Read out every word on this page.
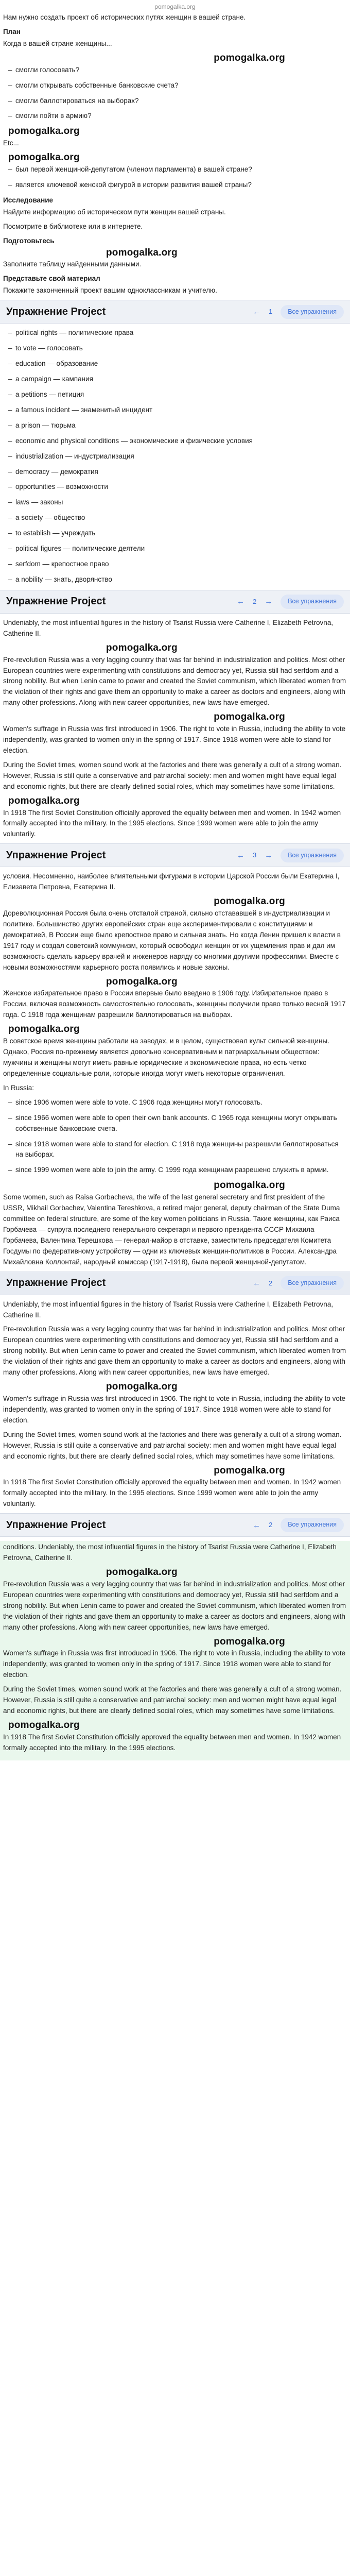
pomogalka.org

Нам нужно создать проект об исторических путях женщин в вашей стране.

План

Когда в вашей стране женщины...

pomogalka.org
– смогли голосовать?
– смогли открывать собственные банковские счета?
– смогли баллотироваться на выборах?
– смогли пойти в армию?
pomogalka.org

Etc...

pomogalka.org
– был первой женщиной-депутатом (членом парламента) в вашей стране?
– является ключевой женской фигурой в истории развития вашей страны?

Исследование

Найдите информацию об историческом пути женщин вашей страны.

Посмотрите в библиотеке или в интернете.

Подготовьтесь

pomogalka.org

Заполните таблицу найденными данными.

Представьте свой материал

Покажите законченный проект вашим одноклассникам и учителю.

Упражнение Project	← 1	Все упражнения
– political rights — политические права
– to vote — голосовать
– education — образование
– a campaign — кампания
– a petitions — петиция
– a famous incident — знаменитый инцидент
– a prison — тюрьма
– economic and physical conditions — экономические и физические условия
– industrialization — индустриализация
– democracy — демократия
– opportunities — возможности
– laws — законы
– a society — общество
– to establish — учреждать
– political figures — политические деятели
– serfdom — крепостное право
– a nobility — знать, дворянство
Упражнение Project	← 2 →	Все упражнения

Undeniably, the most influential figures in the history of Tsarist Russia were Catherine I, Elizabeth Petrovna, Catherine II.

pomogalka.org

Pre-revolution Russia was a very lagging country that was far behind in industrialization and politics. Most other European countries were experimenting with constitutions and democracy yet, Russia still had serfdom and a strong nobility. But when Lenin came to power and created the Soviet communism, which liberated women from the violation of their rights and gave them an opportunity to make a career as doctors and engineers, along with many other professions. Along with new career opportunities, new laws have emerged.

pomogalka.org

Women's suffrage in Russia was first introduced in 1906. The right to vote in Russia, including the ability to vote independently, was granted to women only in the spring of 1917. Since 1918 women were able to stand for election.

During the Soviet times, women sound work at the factories and there was generally a cult of a strong woman. However, Russia is still quite a conservative and patriarchal society: men and women might have equal legal and economic rights, but there are clearly defined social roles, which may sometimes have some limitations.

pomogalka.org

In 1918 The first Soviet Constitution officially approved the equality between men and women. In 1942 women formally accepted into the military. In the 1995 elections. Since 1999 women were able to join the army voluntarily.

Упражнение Project	← 3 →	Все упражнения

условия. Несомненно, наиболее влиятельными фигурами в истории Царской России были Екатерина I, Елизавета Петровна, Екатерина II.

pomogalka.org

Дореволюционная Россия была очень отсталой страной, сильно отстававшей в индустриализации и политике. Большинство других европейских стран еще экспериментировали с конституциями и демократией, В России еще было крепостное право и сильная знать. Но когда Ленин пришел к власти в 1917 году и создал советский коммунизм, который освободил женщин от их ущемления прав и дал им возможность сделать карьеру врачей и инженеров наряду со многими другими профессиями. Вместе с новыми возможностями карьерного роста появились и новые законы.

pomogalka.org

Женское избирательное право в России впервые было введено в 1906 году. Избирательное право в России, включая возможность самостоятельно голосовать, женщины получили право только весной 1917 года. С 1918 года женщинам разрешили баллотироваться на выборах.

pomogalka.org

В советское время женщины работали на заводах, и в целом, существовал культ сильной женщины. Однако, Россия по-прежнему является довольно консервативным и патриархальным обществом: мужчины и женщины могут иметь равные юридические и экономические права, но есть четко определенные социальные роли, которые иногда могут иметь некоторые ограничения.

In Russia:

– since 1906 women were able to vote. С 1906 года женщины могут голосовать.
– since 1966 women were able to open their own bank accounts. С 1965 года женщины могут открывать собственные банковские счета.
– since 1918 women were able to stand for election. С 1918 года женщины разрешили баллотироваться на выборах.
– since 1999 women were able to join the army. С 1999 года женщинам разрешено служить в армии.
pomogalka.org

Some women, such as Raisa Gorbacheva, the wife of the last general secretary and first president of the USSR, Mikhail Gorbachev, Valentina Tereshkova, a retired major general, deputy chairman of the State Duma committee on federal structure, are some of the key women politicians in Russia. Такие женщины, как Раиса Горбачева — супруга последнего генерального секретаря и первого президента СССР Михаила Горбачева, Валентина Терешкова — генерал-майор в отставке, заместитель председателя Комитета Госдумы по федеративному устройству — одни из ключевых женщин-политиков в России. Александра Михайловна Коллонтай, народный комиссар (1917-1918), была первой женщиной-депутатом.

Упражнение Project	← 2	Все упражнения

Undeniably, the most influential figures in the history of Tsarist Russia were Catherine I, Elizabeth Petrovna, Catherine II.

Pre-revolution Russia was a very lagging country that was far behind in industrialization and politics. Most other European countries were experimenting with constitutions and democracy yet, Russia still had serfdom and a strong nobility. But when Lenin came to power and created the Soviet communism, which liberated women from the violation of their rights and gave them an opportunity to make a career as doctors and engineers, along with many other professions. Along with new career opportunities, new laws have emerged.

pomogalka.org

Women's suffrage in Russia was first introduced in 1906. The right to vote in Russia, including the ability to vote independently, was granted to women only in the spring of 1917. Since 1918 women were able to stand for election.

During the Soviet times, women sound work at the factories and there was generally a cult of a strong woman. However, Russia is still quite a conservative and patriarchal society: men and women might have equal legal and economic rights, but there are clearly defined social roles, which may sometimes have some limitations.

pomogalka.org

In 1918 The first Soviet Constitution officially approved the equality between men and women. In 1942 women formally accepted into the military. In the 1995 elections. Since 1999 women were able to join the army voluntarily.

Упражнение Project	← 2	Все упражнения

conditions. Undeniably, the most influential figures in the history of Tsarist Russia were Catherine I, Elizabeth Petrovna, Catherine II.

pomogalka.org

Pre-revolution Russia was a very lagging country that was far behind in industrialization and politics. Most other European countries were experimenting with constitutions and democracy yet, Russia still had serfdom and a strong nobility. But when Lenin came to power and created the Soviet communism, which liberated women from the violation of their rights and gave them an opportunity to make a career as doctors and engineers, along with many other professions. Along with new career opportunities, new laws have emerged.

pomogalka.org

Women's suffrage in Russia was first introduced in 1906. The right to vote in Russia, including the ability to vote independently, was granted to women only in the spring of 1917. Since 1918 women were able to stand for election.

During the Soviet times, women sound work at the factories and there was generally a cult of a strong woman. However, Russia is still quite a conservative and patriarchal society: men and women might have equal legal and economic rights, but there are clearly defined social roles, which may sometimes have some limitations.

pomogalka.org

In 1918 The first Soviet Constitution officially approved the equality between men and women. In 1942 women formally accepted into the military. In the 1995 elections.
